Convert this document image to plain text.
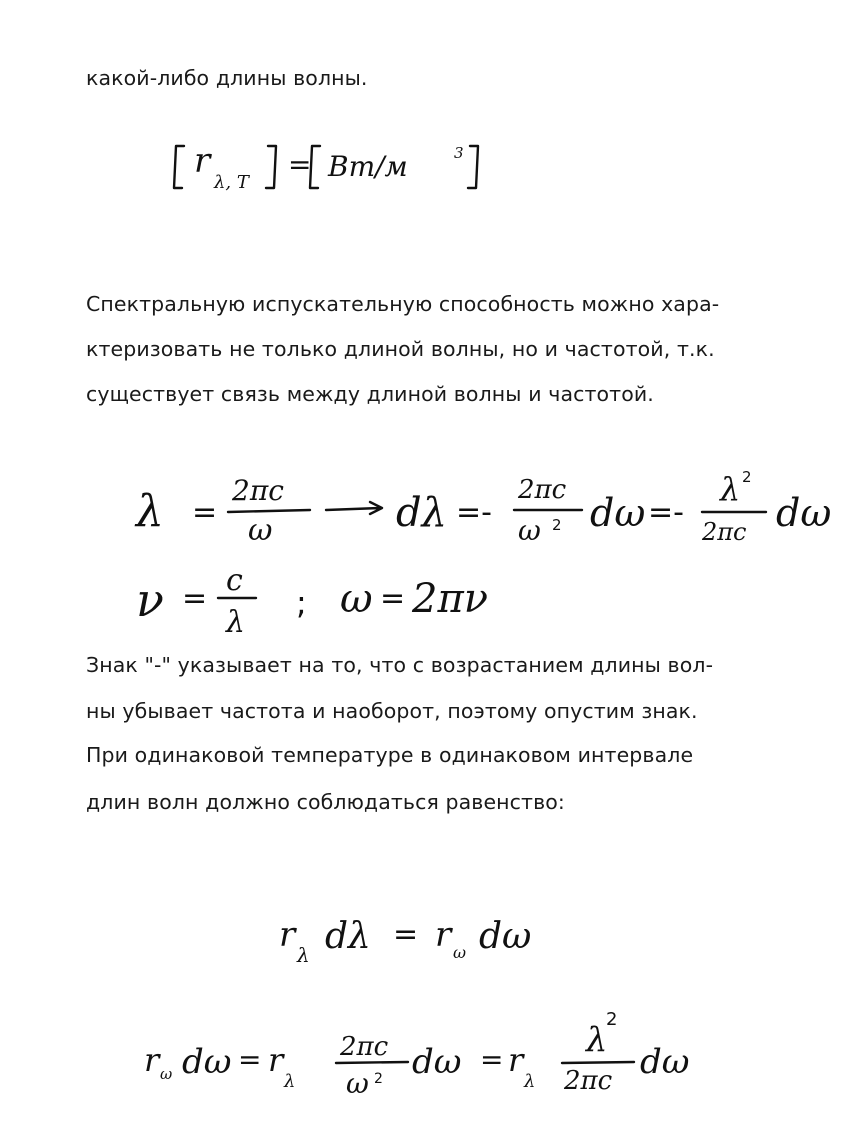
какой-либо длины волны.
r
λ, T
= Bm/м	3
Спектральную испускательную способность можно хара-
ктеризовать не только длиной волны, но и частотой, т.к.
существует связь между длиной волны и частотой.
λ =
2πc
ω	dλ =-
2πc
ω 2 dω =-
λ 2
2πc dω
ν =
c
λ
; ω = 2πν
Знак "-" указывает на то, что с возрастанием длины вол-
ны убывает частота и наоборот, поэтому опустим знак.
При одинаковой температуре в одинаковом интервале
длин волн должно соблюдаться равенство:
r λ dλ = r ω dω
r ω dω = r
λ
2πc
ω 2 dω = r
λ
λ
2
2πc dω
